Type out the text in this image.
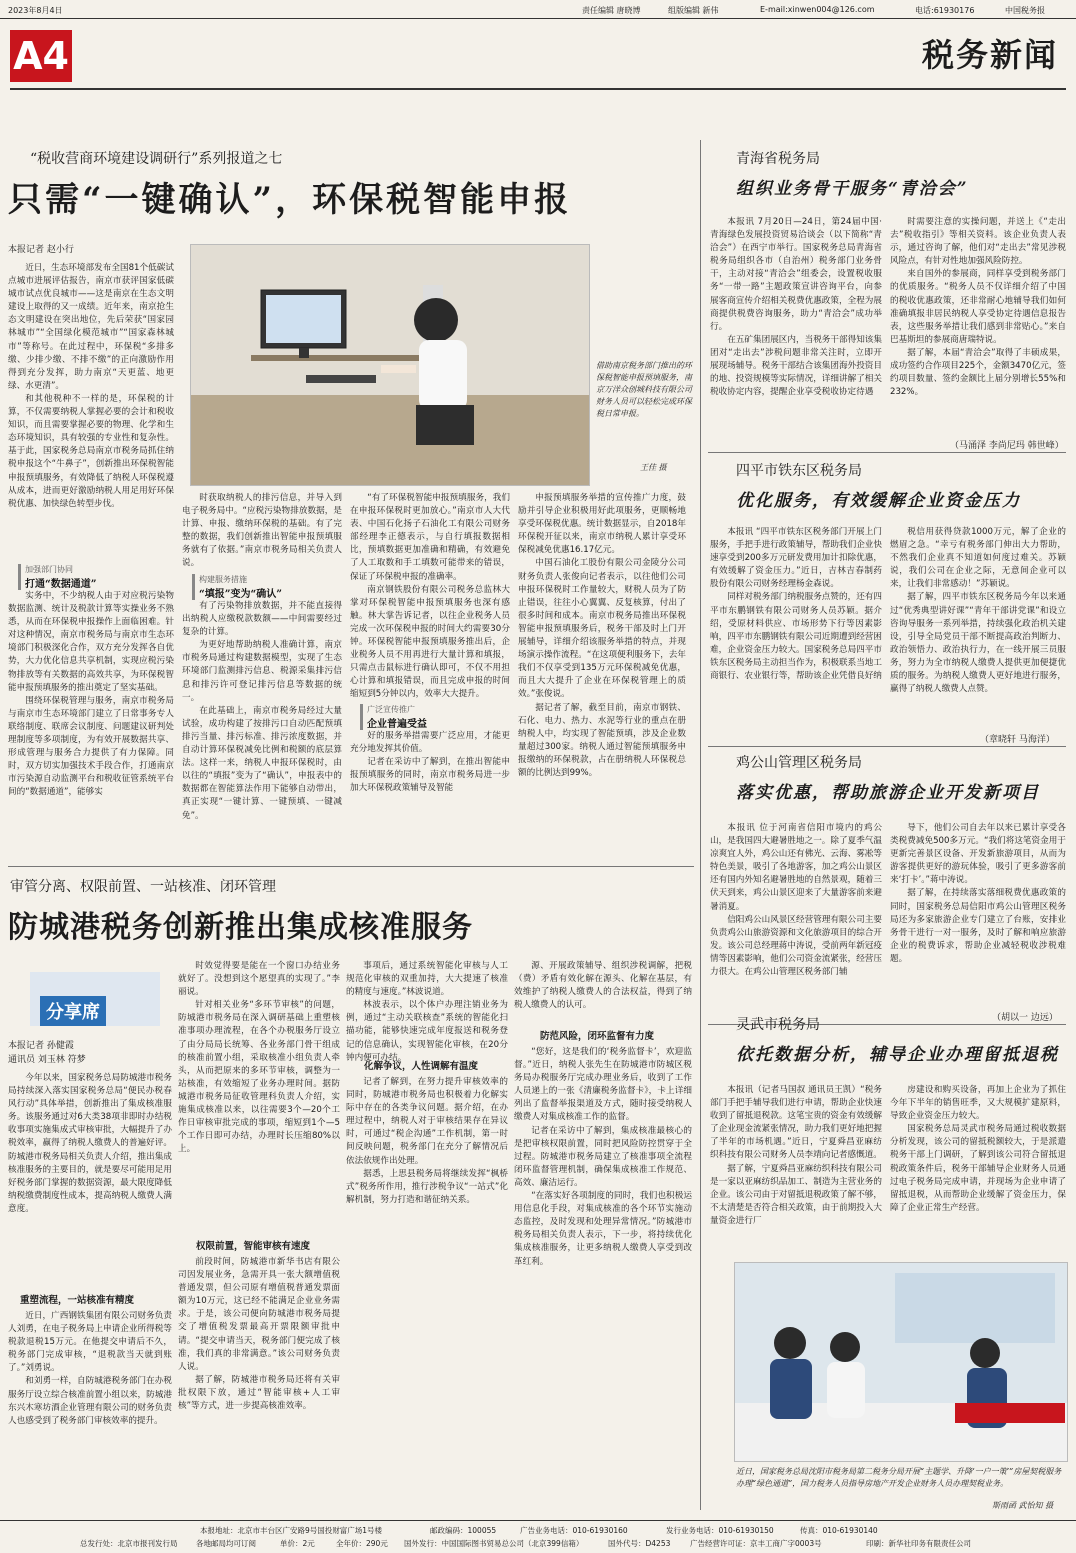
2023年8月4日	责任编辑 唐晓博	组版编辑 新伟	E-mail:xinwen004@126.com	电话:61930176	中国税务报
A4	税务新闻
“税收营商环境建设调研行”系列报道之七
只需“一键确认”，环保税智能申报
本报记者 赵小行
借助南京税务部门推出的环保税智能申报预填服务，南京万洋众创城科技有限公司财务人员可以轻松完成环保税日常申报。
王佳 摄

近日，生态环境部发布全国81个低碳试点城市进展评估报告，南京市获评国家低碳城市试点优良城市——这是南京在生态文明建设上取得的又一成绩。近年来，南京抢生态文明建设在突出地位，先后荣获“国家园林城市”“全国绿化模范城市”“国家森林城市”等称号。在此过程中，环保税“多排多缴、少排少缴、不排不缴”的正向激励作用得到充分发挥，助力南京“天更蓝、地更绿、水更清”。

和其他税种不一样的是，环保税的计算，不仅需要纳税人掌握必要的会计和税收知识，而且需要掌握必要的物理、化学和生态环境知识，具有较强的专业性和复杂性。基于此，国家税务总局南京市税务局抓住纳税申报这个“牛鼻子”，创新推出环保税智能申报预填服务，有效降低了纳税人环保税遵从成本，进而更好激励纳税人用足用好环保税优惠、加快绿色转型步伐。

加强部门协同
打通“数据通道”

实务中，不少纳税人由于对应税污染物数据监测、统计及税款计算等实操业务不熟悉，从而在环保税申报操作上面临困难。针对这种情况，南京市税务局与南京市生态环境部门积极深化合作，双方充分发挥各自优势，大力优化信息共享机制，实现应税污染物排放等有关数据的高效共享，为环保税智能申报预填服务的推出奠定了坚实基础。

围绕环保税管理与服务，南京市税务局与南京市生态环境部门建立了日常事务专人联络制度、联席会议制度、问题建议研判处理制度等多项制度，为有效开展数据共享、形成管理与服务合力提供了有力保障。同时，双方切实加强技术手段合作，打通南京市污染源自动监测平台和税收征管系统平台间的“数据通道”，能够实

时获取纳税人的排污信息，并导入到电子税务局中。“应税污染物排放数据，是计算、申报、缴纳环保税的基础。有了完整的数据，我们创新推出智能申报预填服务就有了依据。”南京市税务局相关负责人说。

构建服务措施
“填报”变为“确认”

有了污染物排放数据，并不能直接得出纳税人应缴税款数额——中间需要经过复杂的计算。

为更好地帮助纳税人准确计算，南京市税务局通过构建数据模型，实现了生态环境部门监测排污信息、税源采集排污信息和排污许可登记排污信息等数据的统一。

在此基础上，南京市税务局经过大量试验，成功构建了按排污口自动匹配预填排污当量、排污标准、排污浓度数据，并自动计算环保税减免比例和税额的底层算法。这样一来，纳税人申报环保税时，由以往的“填报”变为了“确认”，申报表中的数据都在智能算法作用下能够自动带出，真正实现“一键计算、一键预填、一键减免”。

“有了环保税智能申报预填服务，我们在申报环保税时更加放心。”南京市人大代表、中国石化扬子石油化工有限公司财务部经理李正德表示，与自行填报数据相比，预填数据更加准确和精确，有效避免了人工取数和手工填数可能带来的错误，保证了环保税申报的准确率。

南京钢铁股份有限公司税务总监林大掌对环保税智能申报预填服务也深有感触。林大掌告诉记者，以往企业税务人员完成一次环保税申报的时间大约需要30分钟。环保税智能申报预填服务推出后，企业税务人员不用再进行大量计算和填报，只需点击鼠标进行确认即可，不仅不用担心计算和填报错误，而且完成申报的时间缩短到5分钟以内，效率大大提升。

广泛宣传推广
企业普遍受益

好的服务举措需要广泛应用，才能更充分地发挥其价值。

记者在采访中了解到，在推出智能申报预填服务的同时，南京市税务局进一步加大环保税政策辅导及智能

申报预填服务举措的宣传推广力度，鼓励并引导企业积极用好此项服务，更顺畅地享受环保税优惠。统计数据显示，自2018年环保税开征以来，南京市纳税人累计享受环保税减免优惠16.17亿元。

中国石油化工股份有限公司金陵分公司财务负责人张俊向记者表示，以往他们公司申报环保税时工作量较大，财税人员为了防止错误，往往小心翼翼、反复核算，付出了很多时间和成本。南京市税务局推出环保税智能申报预填服务后，税务干部及时上门开展辅导，详细介绍该服务举措的特点，并现场演示操作流程。“在这项便利服务下，去年我们不仅享受到135万元环保税减免优惠，而且大大提升了企业在环保税管理上的质效。”张俊说。

据记者了解，截至目前，南京市钢铁、石化、电力、热力、水泥等行业的重点在册纳税人中，均实现了智能预填，涉及企业数量超过300家。纳税人通过智能预填服务申报缴纳的环保税款，占在册纳税人环保税总额的比例达到99%。

审管分离、权限前置、一站核准、闭环管理
防城港税务创新推出集成核准服务
分享席
本报记者 孙健霞
通讯员 刘玉林 符梦

今年以来，国家税务总局防城港市税务局持续深入落实国家税务总局“便民办税春风行动”具体举措，创新推出了集成核准服务。该服务通过对6大类38项非即时办结税收事项实施集成式审核审批，大幅提升了办税效率，赢得了纳税人缴费人的普遍好评。防城港市税务局相关负责人介绍，推出集成核准服务的主要目的，就是要尽可能用足用好税务部门掌握的数据资源，最大限度降低纳税缴费制度性成本，提高纳税人缴费人满意度。

重塑流程，一站核准有精度

近日，广西钢铁集团有限公司财务负责人刘勇，在电子税务局上申请企业所得税等税款退税15万元。在他提交申请后不久，税务部门完成审核，“退税款当天就到账了。”刘勇说。

和刘勇一样，自防城港税务部门在办税服务厅设立综合核准前置小组以来，防城港东兴木寒坊酒企业管理有限公司的财务负责人也感受到了税务部门审核效率的提升。

时效觉得要是能在一个窗口办结业务就好了。没想到这个愿望真的实现了。”李丽说。

针对相关业务“多环节审核”的问题，防城港市税务局在深入调研基础上重塑核准事项办理流程，在各个办税服务厅设立了由分局局长统筹、各业务部门骨干组成的核准前置小组，采取核准小组负责人牵头，从而把原来的多环节审核，调整为一站核准，有效缩短了业务办理时间。据防城港市税务局征收管理科负责人介绍，实施集成核准以来，以往需要3个—20个工作日审核审批完成的事项，缩短到1个—5个工作日即可办结，办理时长压缩80%以上。

权限前置，智能审核有速度

前段时间，防城港市新华书店有限公司因发展业务，急需开具一张大额增值税普通发票，但公司原有增值税普通发票面额为10万元，这已经不能满足企业业务需求。于是，该公司便向防城港市税务局提交了增值税发票最高开票限额审批申请。“提交申请当天，税务部门便完成了核准，我们真的非常满意。”该公司财务负责人说。

据了解，防城港市税务局还将有关审批权限下放，通过“智能审核+人工审核”等方式，进一步提高核准效率。

事项后，通过系统智能化审核与人工规范化审核的双重加持，大大提速了核准的精度与速度。”林波说道。

林波表示，以个体户办理注销业务为例，通过“主动关联核查”系统的智能化扫描功能，能够快速完成年度报送和税务登记的信息确认，实现智能化审核，在20分钟内便可办结。

化解争议，人性调解有温度

记者了解到，在努力提升审核效率的同时，防城港市税务局也积极着力化解实际中存在的各类争议问题。据介绍，在办理过程中，纳税人对于审核结果存在异议时，可通过“税企沟通”工作机制，第一时间反映问题，税务部门在充分了解情况后依法依规作出处理。

据悉，上思县税务局将继续发挥“枫桥式”税务所作用，推行涉税争议“一站式”化解机制，努力打造和谐征纳关系。

源、开展政策辅导、组织涉税调解，把税（费）矛盾有效化解在源头、化解在基层，有效维护了纳税人缴费人的合法权益，得到了纳税人缴费人的认可。

防范风险，闭环监督有力度

“您好，这是我们的‘税务监督卡’，欢迎监督。”近日，纳税人张先生在防城港市防城区税务局办税服务厅完成办理业务后，收到了工作人员递上的一张《清廉税务监督卡》，卡上详细列出了监督举报渠道及方式，随时接受纳税人缴费人对集成核准工作的监督。

记者在采访中了解到，集成核准最核心的是把审核权限前置，同时把风险防控贯穿于全过程。防城港市税务局建立了核准事项全流程闭环监督管理机制，确保集成核准工作规范、高效、廉洁运行。

“在落实好各项制度的同时，我们也积极运用信息化手段，对集成核准的各个环节实施动态监控，及时发现和处理异常情况。”防城港市税务局相关负责人表示，下一步，将持续优化集成核准服务，让更多纳税人缴费人享受到改革红利。

青海省税务局
组织业务骨干服务“青洽会”

本报讯 7月20日—24日，第24届中国·青海绿色发展投资贸易洽谈会（以下简称“青洽会”）在西宁市举行。国家税务总局青海省税务局组织各市（自治州）税务部门业务骨干，主动对接“青洽会”组委会，设置税收服务“一带一路”主题政策宣讲咨询平台，向参展客商宣传介绍相关税费优惠政策，全程为展商提供税费咨询服务，助力“青洽会”成功举行。

在五矿集团展区内，当税务干部得知该集团对“走出去”涉税问题非常关注时，立即开展现场辅导。税务干部结合该集团海外投资目的地、投资规模等实际情况，详细讲解了相关税收协定内容，提醒企业享受税收协定待遇

时需要注意的实操问题，并送上《“走出去”税收指引》等相关资料。该企业负责人表示，通过咨询了解，他们对“走出去”常见涉税风险点，有针对性地加强风险防控。

来自国外的参展商，同样享受到税务部门的优质服务。“税务人员不仅详细介绍了中国的税收优惠政策，还非常耐心地辅导我们如何准确填报非居民纳税人享受协定待遇信息报告表，这些服务举措让我们感到非常贴心。”来自巴基斯坦的参展商唐瑞特说。

据了解，本届“青洽会”取得了丰硕成果，成功签约合作项目225个，金额3470亿元，签约项目数量、签约金额比上届分别增长55%和232%。

（马涌泽 李尚尼玛 韩世峰）
四平市铁东区税务局
优化服务，有效缓解企业资金压力

本报讯 “四平市铁东区税务部门开展上门服务，手把手进行政策辅导，帮助我们企业快速享受到200多万元研发费用加计扣除优惠，有效缓解了资金压力。”近日，吉林吉春制药股份有限公司财务经理杨金森说。

同样对税务部门纳税服务点赞的，还有四平市东鹏钢铁有限公司财务人员苏颖。据介绍，受原材料供应、市场形势下行等因素影响，四平市东鹏钢铁有限公司近期遭到经营困难，企业资金压力较大。国家税务总局四平市铁东区税务局主动担当作为，积极联系当地工商银行、农业银行等，帮助该企业凭借良好纳

税信用获得贷款1000万元，解了企业的燃眉之急。“幸亏有税务部门伸出大力帮助，不然我们企业真不知道如何度过难关。苏颖说，我们公司在企业之际，无意间企业可以来，让我们非常感动！”苏颖说。

据了解，四平市铁东区税务局今年以来通过“优秀典型讲好课”“青年干部讲党课”和设立咨询导服务一系列举措，持续强化政治机关建设，引导全局党员干部不断提高政治判断力、政治领悟力、政治执行力，在一线开展三员服务，努力为全市纳税人缴费人提供更加便捷优质的服务。为纳税人缴费人更好地进行服务，赢得了纳税人缴费人点赞。

（章晓轩 马海洋）
鸡公山管理区税务局
落实优惠，帮助旅游企业开发新项目

本报讯 位于河南省信阳市境内的鸡公山，是我国四大避暑胜地之一。除了夏季气温凉爽宜人外，鸡公山还有佛光、云海、雾凇等特色美景，吸引了各地游客，加之鸡公山景区还有国内外知名避暑胜地的自然景观，随着三伏天到来，鸡公山景区迎来了大量游客前来避暑消夏。

信阳鸡公山风景区经营管理有限公司主要负责鸡公山旅游资源和文化旅游项目的综合开发。该公司总经理蒋中涛说，受前两年新冠疫情等因素影响，他们公司资金流紧张，经营压力很大。在鸡公山管理区税务部门辅

导下，他们公司自去年以来已累计享受各类税费减免500多万元。“我们将这笔资金用于更新完善景区设备、开发新旅游项目，从而为游客提供更好的游玩体验，吸引了更多游客前来‘打卡’。”蒋中涛说。

据了解，在持续落实落细税费优惠政策的同时，国家税务总局信阳市鸡公山管理区税务局还为多家旅游企业专门建立了台账，安排业务骨干进行一对一服务，及时了解和响应旅游企业的税费诉求，帮助企业减轻税收涉税难题。

（胡以一 边远）
灵武市税务局
依托数据分析，辅导企业办理留抵退税

本报讯（记者马国叔 通讯员王凯）“税务部门手把手辅导我们进行申请，帮助企业快速收到了留抵退税款。这笔宝贵的资金有效缓解了企业现金流紧张情况，助力我们更好地把握了半年的市场机遇。”近日，宁夏舜昌亚麻纺织科技有限公司财务人员李靖向记者感慨道。

据了解，宁夏舜昌亚麻纺织科技有限公司是一家以亚麻纺织品加工、制造为主营业务的企业。该公司由于对留抵退税政策了解不够，不太清楚是否符合相关政策，由于前期投入大量资金进行厂

房建设和购买设备，再加上企业为了抓住今年下半年的销售旺季，又大规模扩建原料，导致企业资金压力较大。

国家税务总局灵武市税务局通过税收数据分析发现，该公司的留抵税额较大，于是派遣税务干部上门调研，了解到该公司符合留抵退税政策条件后，税务干部辅导企业财务人员通过电子税务局完成申请，并现场为企业申请了留抵退税，从而帮助企业缓解了资金压力，保障了企业正常生产经营。

近日，国家税务总局沈阳市税务局第二税务分局开展“主题学、升降‘一户一策’”房屋契税服务办理“绿色通道”，国力税务人员指导房地产开发企业财务人员办理契税业务。
斯雨函 武怡知 摄
本报地址：北京市丰台区广安路9号国投财富广场1号楼	邮政编码：100055	广告业务电话：010-61930160	发行业务电话：010-61930150	传真：010-61930140
总发行处：北京市报刊发行局 各地邮局均可订阅	单价：2元	全年价：290元 国外发行：中国国际图书贸易总公司（北京399信箱）	国外代号：D4253	广告经营许可证：京丰工商广字0003号	印刷：新华社印务有限责任公司
